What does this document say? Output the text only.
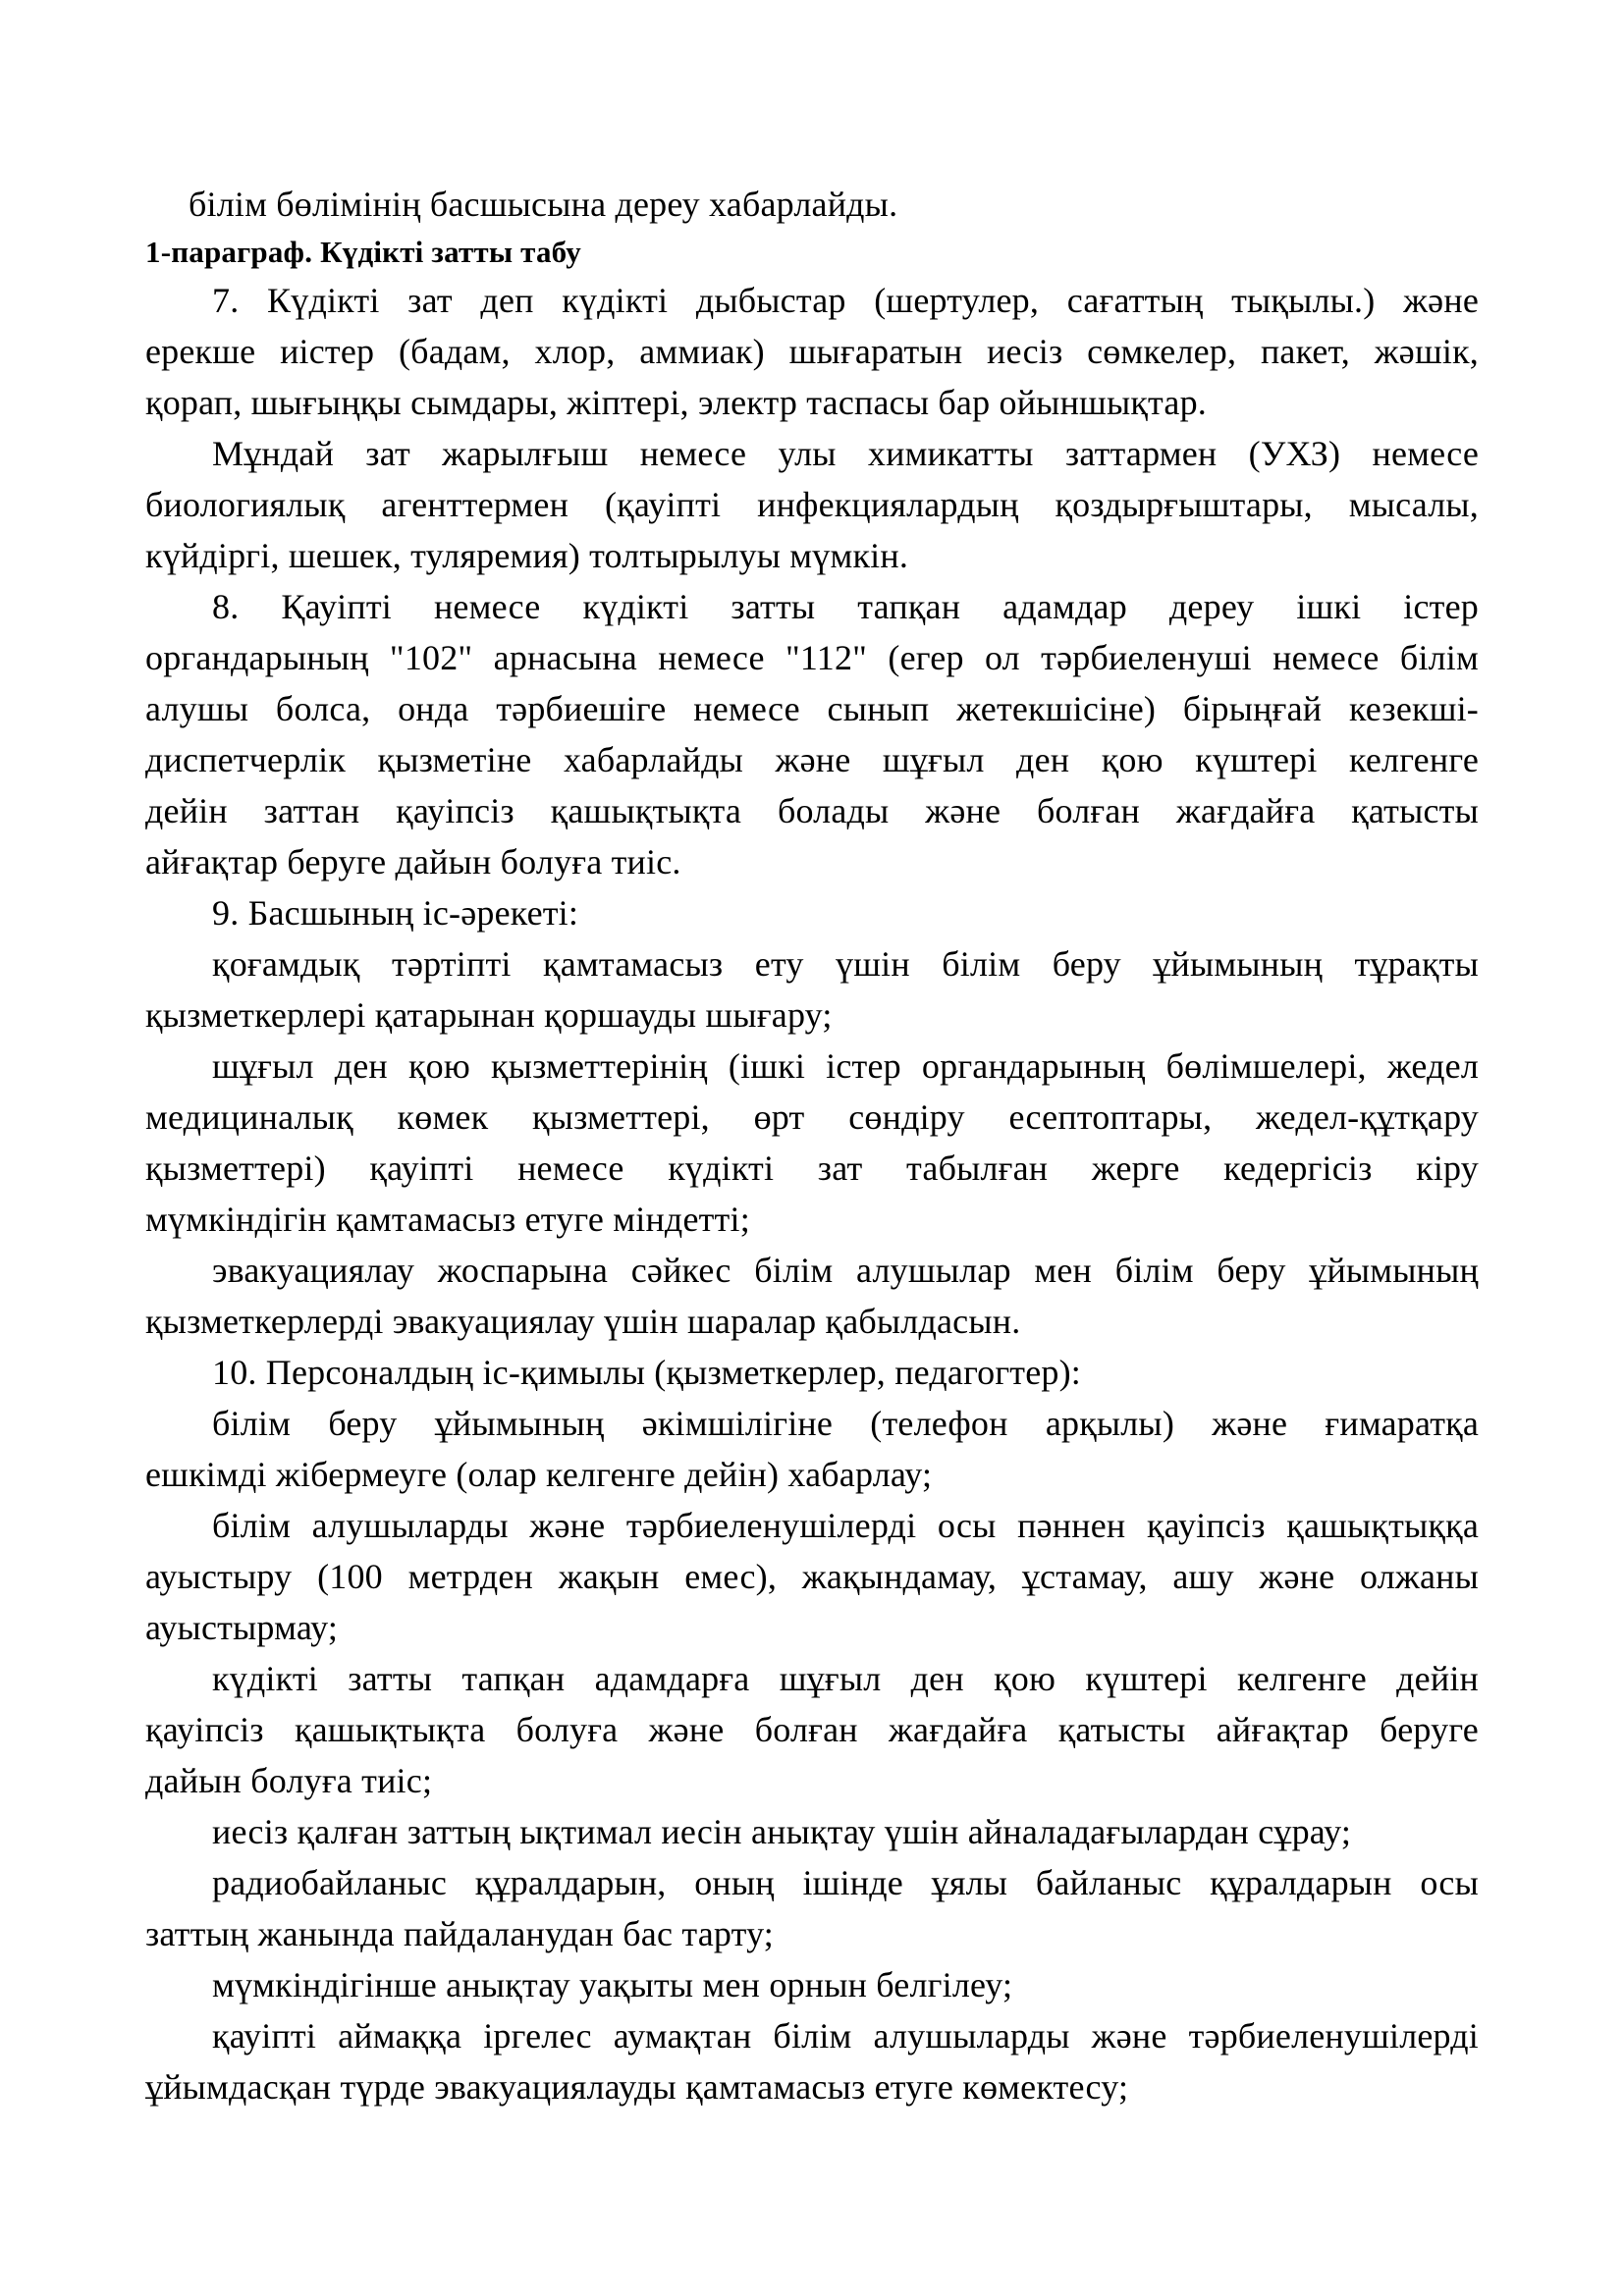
білім бөлімінің басшысына дереу хабарлайды.
1-параграф. Күдікті затты табу
7. Күдікті зат деп күдікті дыбыстар (шертулер, сағаттың тықылы.) және
ерекше иістер (бадам, хлор, аммиак) шығаратын иесіз сөмкелер, пакет, жәшік,
қорап, шығыңқы сымдары, жіптері, электр таспасы бар ойыншықтар.
Мұндай зат жарылғыш немесе улы химикатты заттармен (УХЗ) немесе
биологиялық агенттермен (қауіпті инфекциялардың қоздырғыштары, мысалы,
күйдіргі, шешек, туляремия) толтырылуы мүмкін.
8. Қауіпті немесе күдікті затты тапқан адамдар дереу ішкі істер
органдарының "102" арнасына немесе "112" (егер ол тәрбиеленуші немесе білім
алушы болса, онда тәрбиешіге немесе сынып жетекшісіне) бірыңғай кезекші-
диспетчерлік қызметіне хабарлайды және шұғыл ден қою күштері келгенге
дейін заттан қауіпсіз қашықтықта болады және болған жағдайға қатысты
айғақтар беруге дайын болуға тиіс.
9. Басшының іс-әрекеті:
қоғамдық тәртіпті қамтамасыз ету үшін білім беру ұйымының тұрақты
қызметкерлері қатарынан қоршауды шығару;
шұғыл ден қою қызметтерінің (ішкі істер органдарының бөлімшелері, жедел
медициналық көмек қызметтері, өрт сөндіру есептоптары, жедел-құтқару
қызметтері) қауіпті немесе күдікті зат табылған жерге кедергісіз кіру
мүмкіндігін қамтамасыз етуге міндетті;
эвакуациялау жоспарына сәйкес білім алушылар мен білім беру ұйымының
қызметкерлерді эвакуациялау үшін шаралар қабылдасын.
10. Персоналдың іс-қимылы (қызметкерлер, педагогтер):
білім беру ұйымының әкімшілігіне (телефон арқылы) және ғимаратқа
ешкімді жібермеуге (олар келгенге дейін) хабарлау;
білім алушыларды және тәрбиеленушілерді осы пәннен қауіпсіз қашықтыққа
ауыстыру (100 метрден жақын емес), жақындамау, ұстамау, ашу және олжаны
ауыстырмау;
күдікті затты тапқан адамдарға шұғыл ден қою күштері келгенге дейін
қауіпсіз қашықтықта болуға және болған жағдайға қатысты айғақтар беруге
дайын болуға тиіс;
иесіз қалған заттың ықтимал иесін анықтау үшін айналадағылардан сұрау;
радиобайланыс құралдарын, оның ішінде ұялы байланыс құралдарын осы
заттың жанында пайдаланудан бас тарту;
мүмкіндігінше анықтау уақыты мен орнын белгілеу;
қауіпті аймаққа іргелес аумақтан білім алушыларды және тәрбиеленушілерді
ұйымдасқан түрде эвакуациялауды қамтамасыз етуге көмектесу;
